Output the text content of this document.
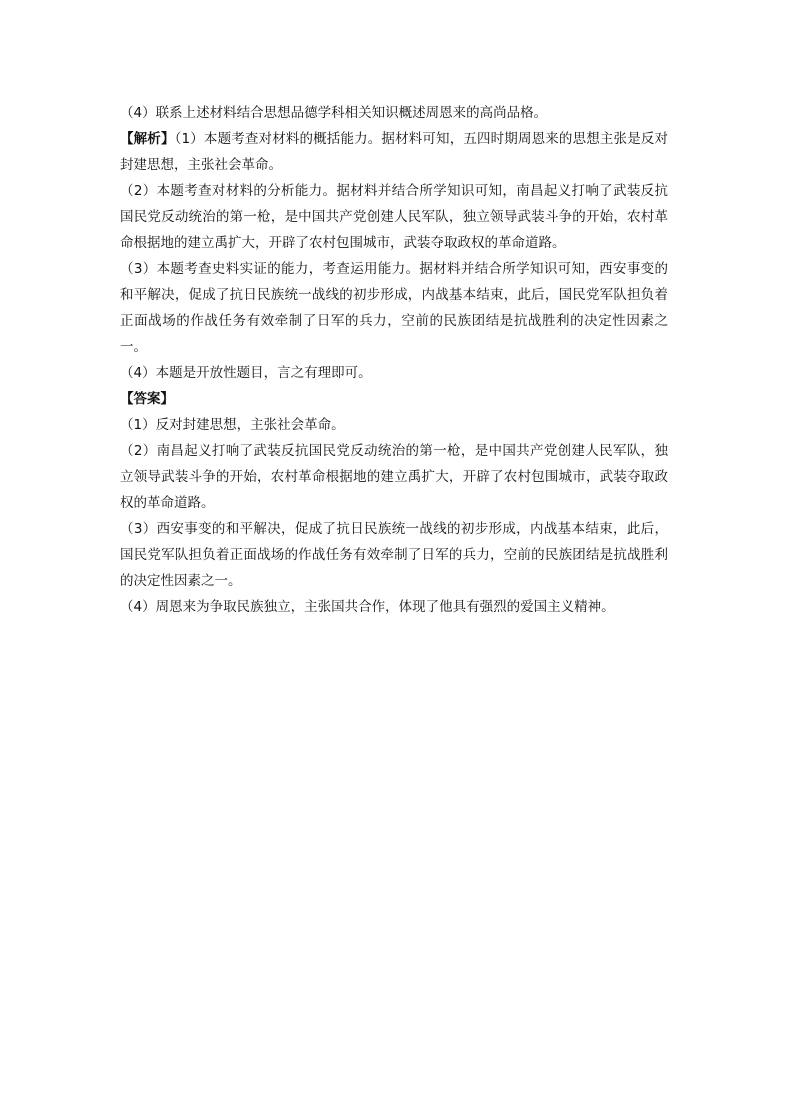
（4）联系上述材料结合思想品德学科相关知识概述周恩来的高尚品格。

【解析】（1）本题考查对材料的概括能力。据材料可知，五四时期周恩来的思想主张是反对封建思想，主张社会革命。

（2）本题考查对材料的分析能力。据材料并结合所学知识可知，南昌起义打响了武装反抗国民党反动统治的第一枪，是中国共产党创建人民军队，独立领导武装斗争的开始，农村革命根据地的建立禹扩大，开辟了农村包围城市，武装夺取政权的革命道路。

（3）本题考查史料实证的能力，考查运用能力。据材料并结合所学知识可知，西安事变的和平解决，促成了抗日民族统一战线的初步形成，内战基本结束，此后，国民党军队担负着正面战场的作战任务有效牵制了日军的兵力，空前的民族团结是抗战胜利的决定性因素之一。

（4）本题是开放性题目，言之有理即可。

【答案】

（1）反对封建思想，主张社会革命。

（2）南昌起义打响了武装反抗国民党反动统治的第一枪，是中国共产党创建人民军队，独立领导武装斗争的开始，农村革命根据地的建立禹扩大，开辟了农村包围城市，武装夺取政权的革命道路。

（3）西安事变的和平解决，促成了抗日民族统一战线的初步形成，内战基本结束，此后，国民党军队担负着正面战场的作战任务有效牵制了日军的兵力，空前的民族团结是抗战胜利的决定性因素之一。

（4）周恩来为争取民族独立，主张国共合作，体现了他具有强烈的爱国主义精神。
